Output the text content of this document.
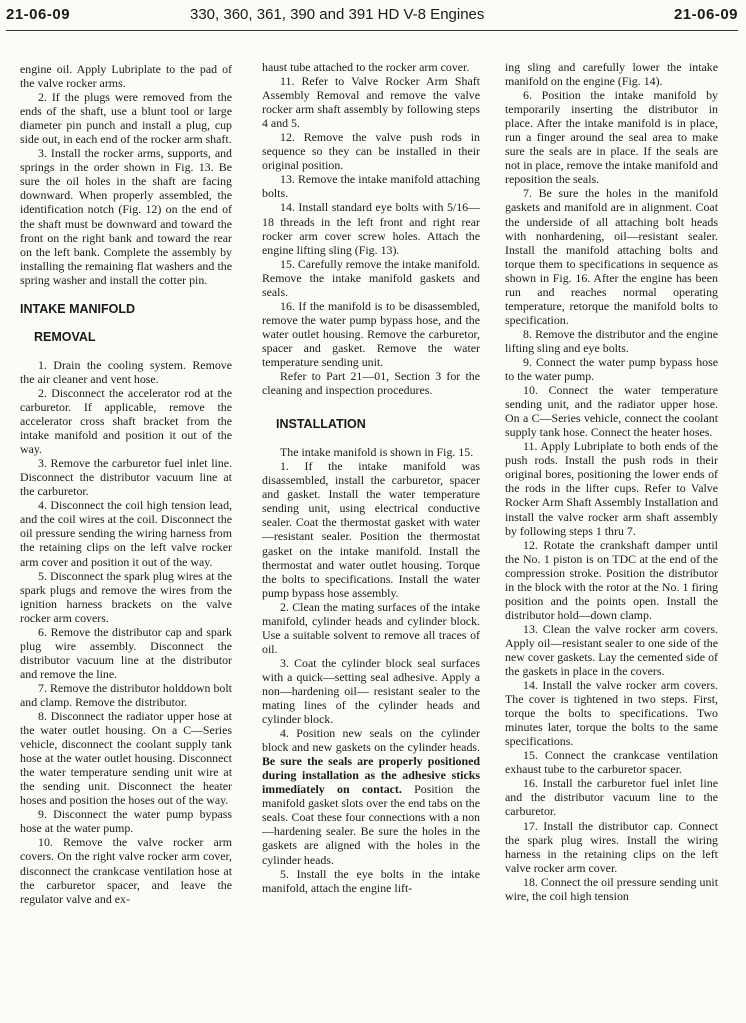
21-06-09	330, 360, 361, 390 and 391 HD V-8 Engines	21-06-09

engine oil. Apply Lubriplate to the pad of the valve rocker arms.

2. If the plugs were removed from the ends of the shaft, use a blunt tool or large diameter pin punch and install a plug, cup side out, in each end of the rocker arm shaft.

3. Install the rocker arms, supports, and springs in the order shown in Fig. 13. Be sure the oil holes in the shaft are facing downward. When properly assembled, the identification notch (Fig. 12) on the end of the shaft must be downward and toward the front on the right bank and toward the rear on the left bank. Complete the assembly by installing the remaining flat washers and the spring washer and install the cotter pin.

INTAKE MANIFOLD

REMOVAL

1. Drain the cooling system. Remove the air cleaner and vent hose.

2. Disconnect the accelerator rod at the carburetor. If applicable, remove the accelerator cross shaft bracket from the intake manifold and position it out of the way.

3. Remove the carburetor fuel inlet line. Disconnect the distributor vacuum line at the carburetor.

4. Disconnect the coil high tension lead, and the coil wires at the coil. Disconnect the oil pressure sending the wiring harness from the retaining clips on the left valve rocker arm cover and position it out of the way.

5. Disconnect the spark plug wires at the spark plugs and remove the wires from the ignition harness brackets on the valve rocker arm covers.

6. Remove the distributor cap and spark plug wire assembly. Disconnect the distributor vacuum line at the distributor and remove the line.

7. Remove the distributor holddown bolt and clamp. Remove the distributor.

8. Disconnect the radiator upper hose at the water outlet housing. On a C—Series vehicle, disconnect the coolant supply tank hose at the water outlet housing. Disconnect the water temperature sending unit wire at the sending unit. Disconnect the heater hoses and position the hoses out of the way.

9. Disconnect the water pump bypass hose at the water pump.

10. Remove the valve rocker arm covers. On the right valve rocker arm cover, disconnect the crankcase ventilation hose at the carburetor spacer, and leave the regulator valve and ex-

haust tube attached to the rocker arm cover.

11. Refer to Valve Rocker Arm Shaft Assembly Removal and remove the valve rocker arm shaft assembly by following steps 4 and 5.

12. Remove the valve push rods in sequence so they can be installed in their original position.

13. Remove the intake manifold attaching bolts.

14. Install standard eye bolts with 5/16—18 threads in the left front and right rear rocker arm cover screw holes. Attach the engine lifting sling (Fig. 13).

15. Carefully remove the intake manifold. Remove the intake manifold gaskets and seals.

16. If the manifold is to be disassembled, remove the water pump bypass hose, and the water outlet housing. Remove the carburetor, spacer and gasket. Remove the water temperature sending unit.

Refer to Part 21—01, Section 3 for the cleaning and inspection procedures.

INSTALLATION

The intake manifold is shown in Fig. 15.

1. If the intake manifold was disassembled, install the carburetor, spacer and gasket. Install the water temperature sending unit, using electrical conductive sealer. Coat the thermostat gasket with water—resistant sealer. Position the thermostat gasket on the intake manifold. Install the thermostat and water outlet housing. Torque the bolts to specifications. Install the water pump bypass hose assembly.

2. Clean the mating surfaces of the intake manifold, cylinder heads and cylinder block. Use a suitable solvent to remove all traces of oil.

3. Coat the cylinder block seal surfaces with a quick—setting seal adhesive. Apply a non—hardening oil— resistant sealer to the mating lines of the cylinder heads and cylinder block.

4. Position new seals on the cylinder block and new gaskets on the cylinder heads. Be sure the seals are properly positioned during installation as the adhesive sticks immediately on contact. Position the manifold gasket slots over the end tabs on the seals. Coat these four connections with a non—hardening sealer. Be sure the holes in the gaskets are aligned with the holes in the cylinder heads.

5. Install the eye bolts in the intake manifold, attach the engine lift-

ing sling and carefully lower the intake manifold on the engine (Fig. 14).

6. Position the intake manifold by temporarily inserting the distributor in place. After the intake manifold is in place, run a finger around the seal area to make sure the seals are in place. If the seals are not in place, remove the intake manifold and reposition the seals.

7. Be sure the holes in the manifold gaskets and manifold are in alignment. Coat the underside of all attaching bolt heads with nonhardening, oil—resistant sealer. Install the manifold attaching bolts and torque them to specifications in sequence as shown in Fig. 16. After the engine has been run and reaches normal operating temperature, retorque the manifold bolts to specification.

8. Remove the distributor and the engine lifting sling and eye bolts.

9. Connect the water pump bypass hose to the water pump.

10. Connect the water temperature sending unit, and the radiator upper hose. On a C—Series vehicle, connect the coolant supply tank hose. Connect the heater hoses.

11. Apply Lubriplate to both ends of the push rods. Install the push rods in their original bores, positioning the lower ends of the rods in the lifter cups. Refer to Valve Rocker Arm Shaft Assembly Installation and install the valve rocker arm shaft assembly by following steps 1 thru 7.

12. Rotate the crankshaft damper until the No. 1 piston is on TDC at the end of the compression stroke. Position the distributor in the block with the rotor at the No. 1 firing position and the points open. Install the distributor hold—down clamp.

13. Clean the valve rocker arm covers. Apply oil—resistant sealer to one side of the new cover gaskets. Lay the cemented side of the gaskets in place in the covers.

14. Install the valve rocker arm covers. The cover is tightened in two steps. First, torque the bolts to specifications. Two minutes later, torque the bolts to the same specifications.

15. Connect the crankcase ventilation exhaust tube to the carburetor spacer.

16. Install the carburetor fuel inlet line and the distributor vacuum line to the carburetor.

17. Install the distributor cap. Connect the spark plug wires. Install the wiring harness in the retaining clips on the left valve rocker arm cover.

18. Connect the oil pressure sending unit wire, the coil high tension
